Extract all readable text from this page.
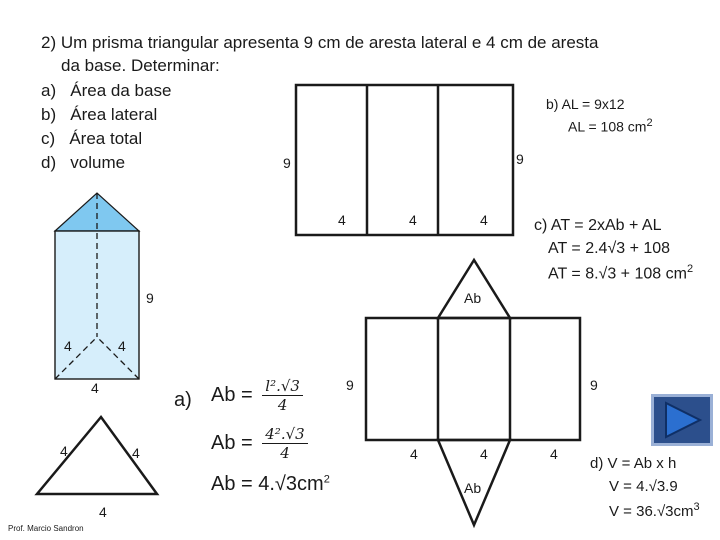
2) Um prisma triangular apresenta 9 cm de aresta lateral e 4 cm de aresta
da base. Determinar:
a) Área da base
b) Área lateral
c) Área total
d) volume	9	9
4	4	4
9
4	4
4
4	4
4
Ab
9	9
4	4	4
Ab
b) AL = 9x12
AL = 108 $cm^2$
c) AT = 2xAb + AL
AT = 2.4√3 + 108
AT = 8.√3 + 108 $cm^2$
a) $Ab = \frac{\text{l².√3}}{4}$
$Ab = \frac{\text{4².√3}}{4}$
$Ab = 4.√3cm^2$
d) V = Ab x h
V = 4.√3.9
$V = 36.√3cm^3$
Prof. Marcio Sandron
